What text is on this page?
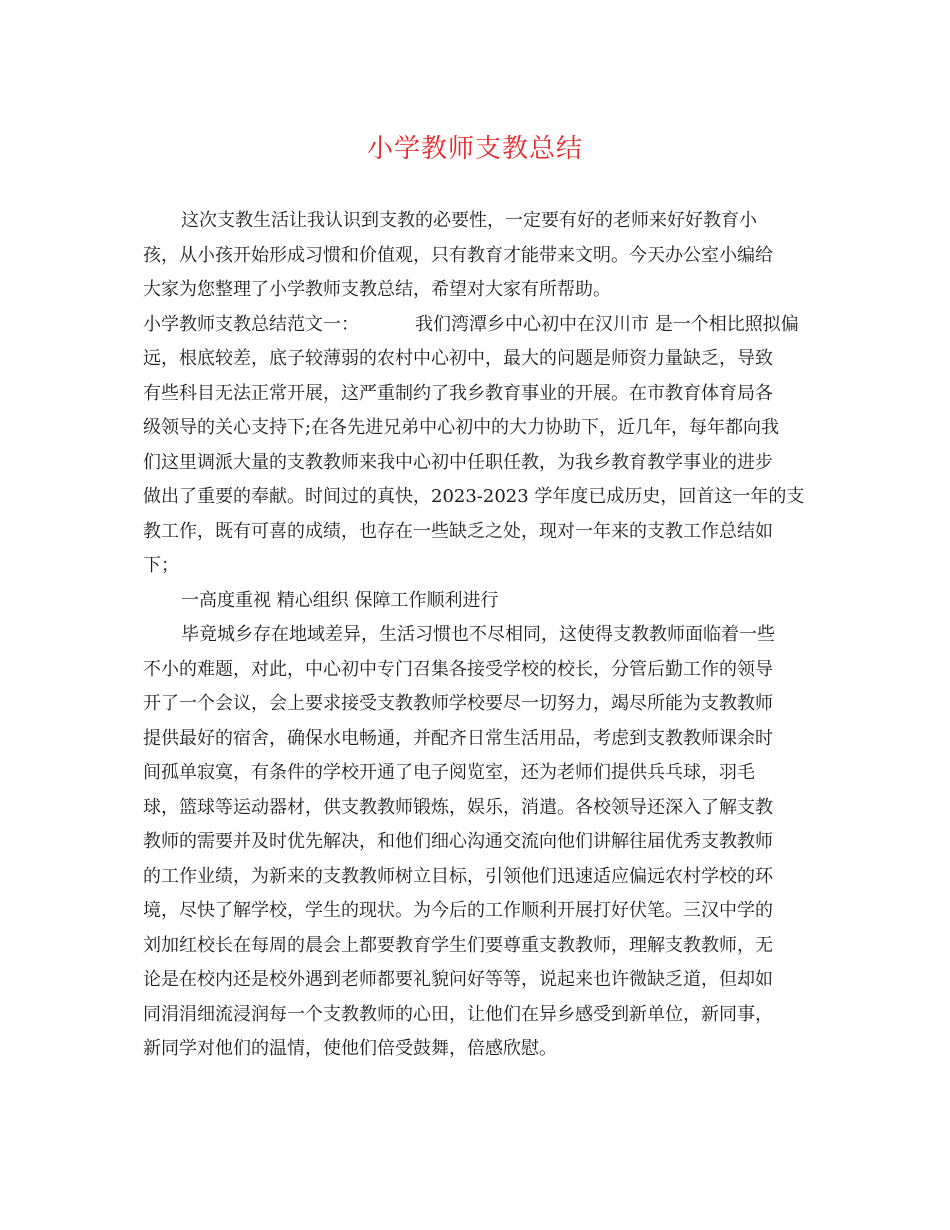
小学教师支教总结
这次支教生活让我认识到支教的必要性，一定要有好的老师来好好教育小
孩，从小孩开始形成习惯和价值观，只有教育才能带来文明。今天办公室小编给
大家为您整理了小学教师支教总结，希望对大家有所帮助。
小学教师支教总结范文一：	我们湾潭乡中心初中在汉川市 是一个相比照拟偏
远，根底较差，底子较薄弱的农村中心初中，最大的问题是师资力量缺乏，导致
有些科目无法正常开展，这严重制约了我乡教育事业的开展。在市教育体育局各
级领导的关心支持下;在各先进兄弟中心初中的大力协助下，近几年，每年都向我
们这里调派大量的支教教师来我中心初中任职任教，为我乡教育教学事业的进步
做出了重要的奉献。时间过的真快，2023-2023 学年度已成历史，回首这一年的支
教工作，既有可喜的成绩，也存在一些缺乏之处，现对一年来的支教工作总结如
下；
一高度重视 精心组织 保障工作顺利进行
毕竟城乡存在地域差异，生活习惯也不尽相同，这使得支教教师面临着一些
不小的难题，对此，中心初中专门召集各接受学校的校长，分管后勤工作的领导
开了一个会议，会上要求接受支教教师学校要尽一切努力，竭尽所能为支教教师
提供最好的宿舍，确保水电畅通，并配齐日常生活用品，考虑到支教教师课余时
间孤单寂寞，有条件的学校开通了电子阅览室，还为老师们提供兵乓球，羽毛
球，篮球等运动器材，供支教教师锻炼，娱乐，消遣。各校领导还深入了解支教
教师的需要并及时优先解决，和他们细心沟通交流向他们讲解往届优秀支教教师
的工作业绩，为新来的支教教师树立目标，引领他们迅速适应偏远农村学校的环
境，尽快了解学校，学生的现状。为今后的工作顺利开展打好伏笔。三汉中学的
刘加红校长在每周的晨会上都要教育学生们要尊重支教教师，理解支教教师，无
论是在校内还是校外遇到老师都要礼貌问好等等，说起来也许微缺乏道，但却如
同涓涓细流浸润每一个支教教师的心田，让他们在异乡感受到新单位，新同事，
新同学对他们的温情，使他们倍受鼓舞，倍感欣慰。
